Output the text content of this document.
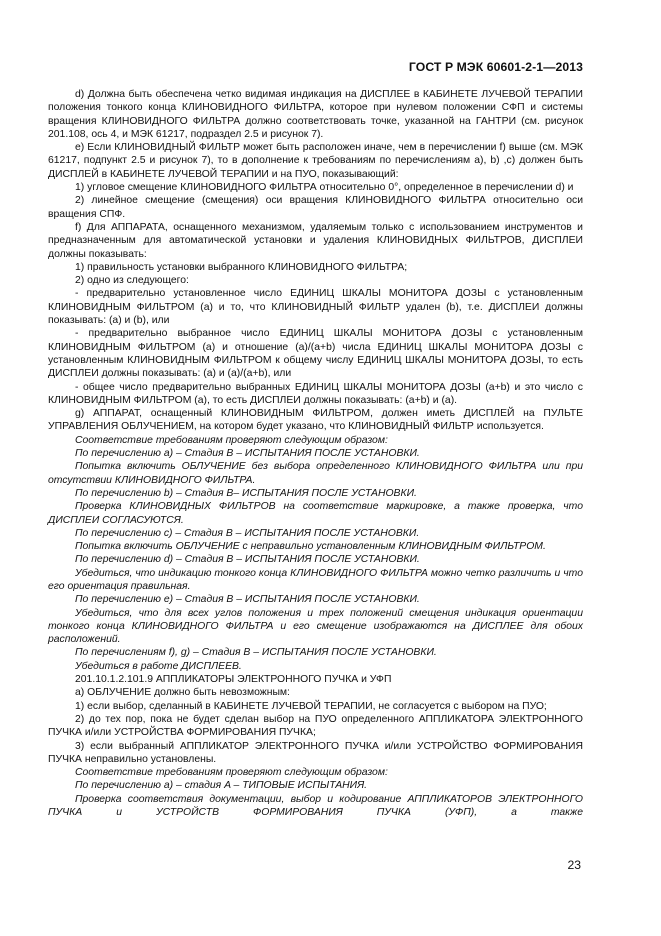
ГОСТ Р МЭК 60601-2-1—2013

d) Должна быть обеспечена четко видимая индикация на ДИСПЛЕЕ в КАБИНЕТЕ ЛУЧЕВОЙ ТЕРАПИИ положения тонкого конца КЛИНОВИДНОГО ФИЛЬТРА, которое при нулевом положении СФП и системы вращения КЛИНОВИДНОГО ФИЛЬТРА должно соответствовать точке, указанной на ГАНТРИ (см. рисунок 201.108, ось 4, и МЭК 61217, подраздел 2.5 и рисунок 7).

e) Если КЛИНОВИДНЫЙ ФИЛЬТР может быть расположен иначе, чем в перечислении f) выше (см. МЭК 61217, подпункт 2.5 и рисунок 7), то в дополнение к требованиям по перечислениям a), b) ,c) должен быть ДИСПЛЕЙ в КАБИНЕТЕ ЛУЧЕВОЙ ТЕРАПИИ и на ПУО, показывающий:

1) угловое смещение КЛИНОВИДНОГО ФИЛЬТРА относительно 0°, определенное в перечислении d) и

2) линейное смещение (смещения) оси вращения КЛИНОВИДНОГО ФИЛЬТРА относительно оси вращения СПФ.

f) Для АППАРАТА, оснащенного механизмом, удаляемым только с использованием инструментов и предназначенным для автоматической установки и удаления КЛИНОВИДНЫХ ФИЛЬТРОВ, ДИСПЛЕИ должны показывать:

1) правильность установки выбранного КЛИНОВИДНОГО ФИЛЬТРА;

2) одно из следующего:

- предварительно установленное число ЕДИНИЦ ШКАЛЫ МОНИТОРА ДОЗЫ с установленным КЛИНОВИДНЫМ ФИЛЬТРОМ (a) и то, что КЛИНОВИДНЫЙ ФИЛЬТР удален (b), т.е. ДИСПЛЕИ должны показывать: (a) и (b), или

- предварительно выбранное число ЕДИНИЦ ШКАЛЫ МОНИТОРА ДОЗЫ с установленным КЛИНОВИДНЫМ ФИЛЬТРОМ (a) и отношение (a)/(a+b) числа ЕДИНИЦ ШКАЛЫ МОНИТОРА ДОЗЫ с установленным КЛИНОВИДНЫМ ФИЛЬТРОМ к общему числу ЕДИНИЦ ШКАЛЫ МОНИТОРА ДОЗЫ, то есть ДИСПЛЕИ должны показывать: (a) и (a)/(a+b), или

- общее число предварительно выбранных ЕДИНИЦ ШКАЛЫ МОНИТОРА ДОЗЫ (a+b) и это число с КЛИНОВИДНЫМ ФИЛЬТРОМ (a), то есть ДИСПЛЕИ должны показывать: (a+b) и (a).

g) АППАРАТ, оснащенный КЛИНОВИДНЫМ ФИЛЬТРОМ, должен иметь ДИСПЛЕЙ на ПУЛЬТЕ УПРАВЛЕНИЯ ОБЛУЧЕНИЕМ, на котором будет указано, что КЛИНОВИДНЫЙ ФИЛЬТР используется.

Соответствие требованиям проверяют следующим образом:

По перечислению a) – Стадия B – ИСПЫТАНИЯ ПОСЛЕ УСТАНОВКИ.

Попытка включить ОБЛУЧЕНИЕ без выбора определенного КЛИНОВИДНОГО ФИЛЬТРА или при отсутствии КЛИНОВИДНОГО ФИЛЬТРА.

По перечислению b) – Стадия B– ИСПЫТАНИЯ ПОСЛЕ УСТАНОВКИ.

Проверка КЛИНОВИДНЫХ ФИЛЬТРОВ на соответствие маркировке, а также проверка, что ДИСПЛЕИ СОГЛАСУЮТСЯ.

По перечислению c) – Стадия B – ИСПЫТАНИЯ ПОСЛЕ УСТАНОВКИ.

Попытка включить ОБЛУЧЕНИЕ с неправильно установленным КЛИНОВИДНЫМ ФИЛЬТРОМ.

По перечислению d) – Стадия B – ИСПЫТАНИЯ ПОСЛЕ УСТАНОВКИ.

Убедиться, что индикацию тонкого конца КЛИНОВИДНОГО ФИЛЬТРА можно четко различить и что его ориентация правильная.

По перечислению e) – Стадия B – ИСПЫТАНИЯ ПОСЛЕ УСТАНОВКИ.

Убедиться, что для всех углов положения и трех положений смещения индикация ориентации тонкого конца КЛИНОВИДНОГО ФИЛЬТРА и его смещение изображаются на ДИСПЛЕЕ для обоих расположений.

По перечислениям f), g) – Стадия B – ИСПЫТАНИЯ ПОСЛЕ УСТАНОВКИ.

Убедиться в работе ДИСПЛЕЕВ.

201.10.1.2.101.9 АППЛИКАТОРЫ ЭЛЕКТРОННОГО ПУЧКА и УФП

а) ОБЛУЧЕНИЕ должно быть невозможным:

1) если выбор, сделанный в КАБИНЕТЕ ЛУЧЕВОЙ ТЕРАПИИ, не согласуется с выбором на ПУО;

2) до тех пор, пока не будет сделан выбор на ПУО определенного АППЛИКАТОРА ЭЛЕКТРОННОГО ПУЧКА и/или УСТРОЙСТВА ФОРМИРОВАНИЯ ПУЧКА;

3) если выбранный АППЛИКАТОР ЭЛЕКТРОННОГО ПУЧКА и/или УСТРОЙСТВО ФОРМИРОВАНИЯ ПУЧКА неправильно установлены.

Соответствие требованиям проверяют следующим образом:

По перечислению a) – стадия A – ТИПОВЫЕ ИСПЫТАНИЯ.

Проверка соответствия документации, выбор и кодирование АППЛИКАТОРОВ ЭЛЕКТРОННОГО ПУЧКА и УСТРОЙСТВ ФОРМИРОВАНИЯ ПУЧКА (УФП), а также

23
